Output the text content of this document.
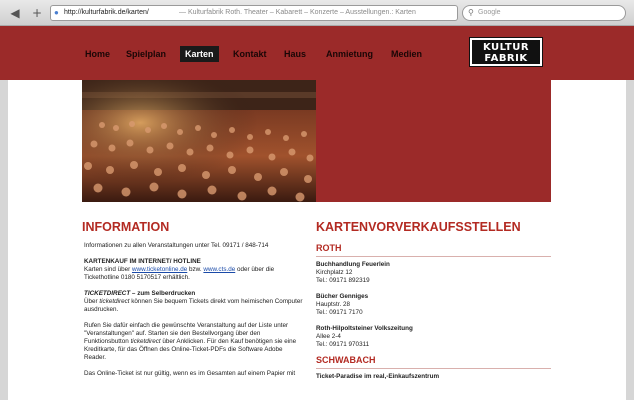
◀ + ● http://kulturfabrik.de/karten/	— Kulturfabrik Roth. Theater – Kabarett – Konzerte – Ausstellungen.: Karten	⚲ Google
Home	Spielplan	Karten	Kontakt	Haus	Anmietung	Medien
KULTUR
FABRIK
INFORMATION	KARTENVORVERKAUFSSTELLEN
Informationen zu allen Veranstaltungen unter Tel. 09171 / 848-714
KARTENKAUF IM INTERNET/ HOTLINE
Karten sind über www.ticketonline.de bzw. www.cts.de oder über die
Tickethotline 0180 5170517 erhältlich.
TICKETDIRECT – zum Selberdrucken
Über ticketdirect können Sie bequem Tickets direkt vom heimischen Computer
ausdrucken.
Rufen Sie dafür einfach die gewünschte Veranstaltung auf der Liste unter
"Veranstaltungen" auf. Starten sie den Bestellvorgang über den
Funktionsbutton ticketdirect über Anklicken. Für den Kauf benötigen sie eine
Kreditkarte, für das Öffnen des Online-Ticket-PDFs die Software Adobe
Reader.
Das Online-Ticket ist nur gültig, wenn es im Gesamten auf einem Papier mit
ROTH
Buchhandlung Feuerlein
Kirchplatz 12
Tel.: 09171 892319
Bücher Genniges
Hauptstr. 28
Tel.: 09171 7170
Roth-Hilpoltsteiner Volkszeitung
Allee 2-4
Tel.: 09171 970311
SCHWABACH
Ticket-Paradise im real,-Einkaufszentrum
